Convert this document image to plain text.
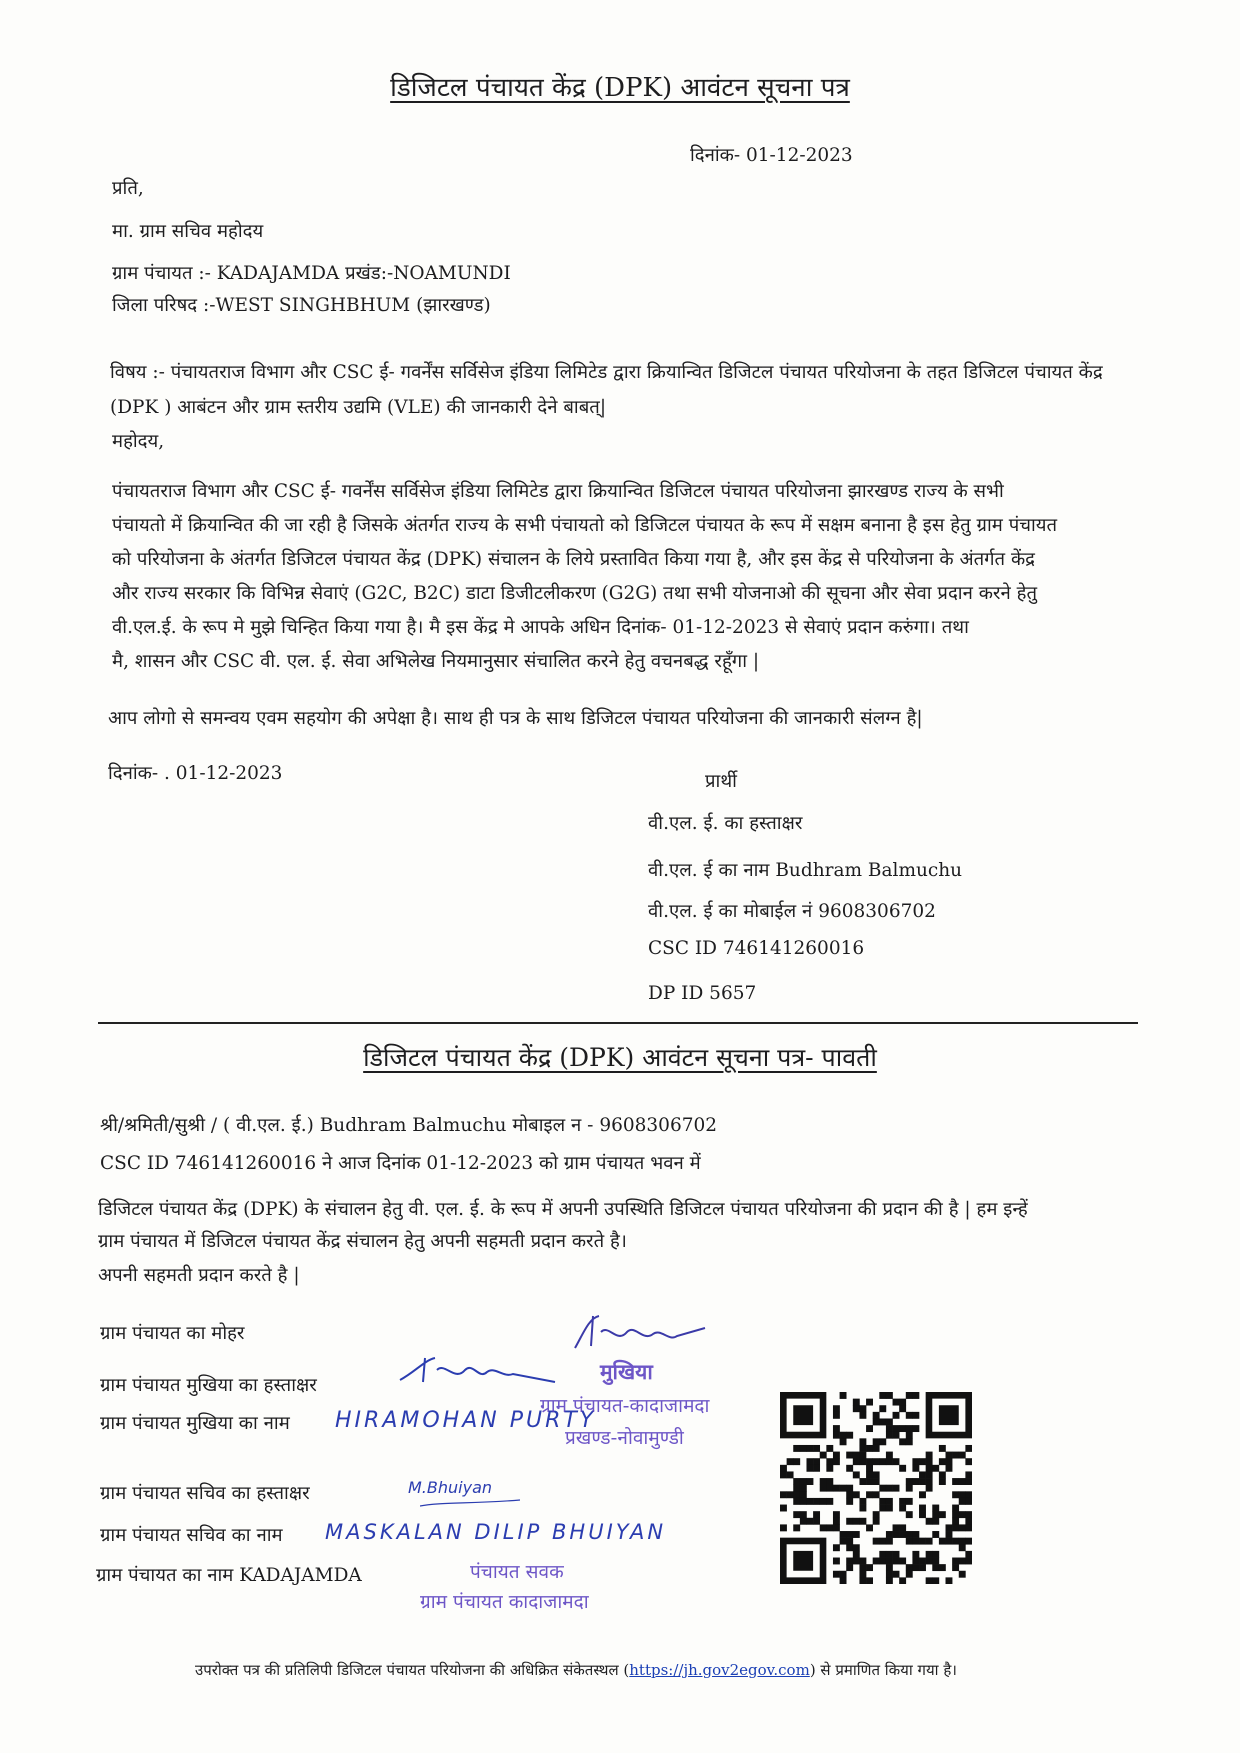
डिजिटल पंचायत केंद्र (DPK) आवंटन सूचना पत्र
दिनांक- 01-12-2023
प्रति,
मा. ग्राम सचिव महोदय
ग्राम पंचायत :- KADAJAMDA प्रखंड:-NOAMUNDI
जिला परिषद :-WEST SINGHBHUM (झारखण्ड)
विषय :- पंचायतराज विभाग और CSC ई- गवर्नेंस सर्विसेज इंडिया लिमिटेड द्वारा क्रियान्वित डिजिटल पंचायत परियोजना के तहत डिजिटल पंचायत केंद्र (DPK ) आबंटन और ग्राम स्तरीय उद्यमि (VLE) की जानकारी देने बाबत्|
महोदय,
पंचायतराज विभाग और CSC ई- गवर्नेंस सर्विसेज इंडिया लिमिटेड द्वारा क्रियान्वित डिजिटल पंचायत परियोजना झारखण्ड राज्य के सभी
पंचायतो में क्रियान्वित की जा रही है जिसके अंतर्गत राज्य के सभी पंचायतो को डिजिटल पंचायत के रूप में सक्षम बनाना है इस हेतु ग्राम पंचायत
को परियोजना के अंतर्गत डिजिटल पंचायत केंद्र (DPK) संचालन के लिये प्रस्तावित किया गया है, और इस केंद्र से परियोजना के अंतर्गत केंद्र
और राज्य सरकार कि विभिन्न सेवाएं (G2C, B2C) डाटा डिजीटलीकरण (G2G) तथा सभी योजनाओ की सूचना और सेवा प्रदान करने हेतु
वी.एल.ई. के रूप मे मुझे चिन्हित किया गया है। मै इस केंद्र मे आपके अधिन दिनांक- 01-12-2023 से सेवाएं प्रदान करुंगा। तथा
मै, शासन और CSC वी. एल. ई. सेवा अभिलेख नियमानुसार संचालित करने हेतु वचनबद्ध रहूँगा |
आप लोगो से समन्वय एवम सहयोग की अपेक्षा है। साथ ही पत्र के साथ डिजिटल पंचायत परियोजना की जानकारी संलग्न है|
दिनांक- . 01-12-2023	प्रार्थी
वी.एल. ई. का हस्ताक्षर
वी.एल. ई का नाम Budhram Balmuchu
वी.एल. ई का मोबाईल नं 9608306702
CSC ID 746141260016
DP ID 5657
डिजिटल पंचायत केंद्र (DPK) आवंटन सूचना पत्र- पावती
श्री/श्रमिती/सुश्री / ( वी.एल. ई.) Budhram Balmuchu मोबाइल न - 9608306702
CSC ID 746141260016 ने आज दिनांक 01-12-2023 को ग्राम पंचायत भवन में
डिजिटल पंचायत केंद्र (DPK) के संचालन हेतु वी. एल. ई. के रूप में अपनी उपस्थिति डिजिटल पंचायत परियोजना की प्रदान की है | हम इन्हें
ग्राम पंचायत में डिजिटल पंचायत केंद्र संचालन हेतु अपनी सहमती प्रदान करते है।
अपनी सहमती प्रदान करते है |
ग्राम पंचायत का मोहर
ग्राम पंचायत मुखिया का हस्ताक्षर
ग्राम पंचायत मुखिया का नाम HIRAMOHAN PURTY
ग्राम पंचायत सचिव का हस्ताक्षर	M.Bhuiyan
ग्राम पंचायत सचिव का नाम MASKALAN DILIP BHUIYAN
ग्राम पंचायत का नाम KADAJAMDA
मुखिया
ग्राम पंचायत-कादाजामदा
प्रखण्ड-नोवामुण्डी
पंचायत सवक
ग्राम पंचायत कादाजामदा
उपरोक्त पत्र की प्रतिलिपी डिजिटल पंचायत परियोजना की अधिक्रित संकेतस्थल (https://jh.gov2egov.com) से प्रमाणित किया गया है।
